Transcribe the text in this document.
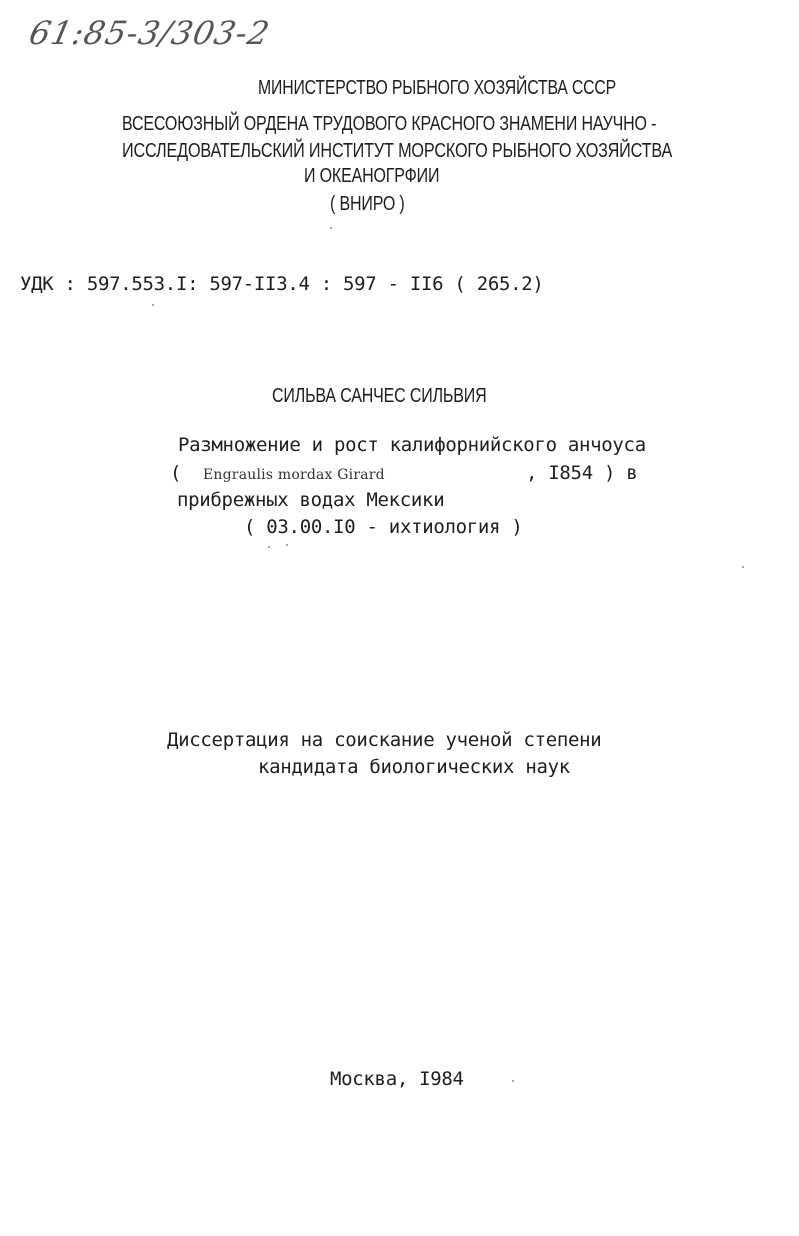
61:85-3/303-2
МИНИСТЕРСТВО РЫБНОГО ХОЗЯЙСТВА СССР
ВСЕСОЮЗНЫЙ ОРДЕНА ТРУДОВОГО КРАСНОГО ЗНАМЕНИ НАУЧНО -
ИССЛЕДОВАТЕЛЬСКИЙ ИНСТИТУТ МОРСКОГО РЫБНОГО ХОЗЯЙСТВА
И ОКЕАНОГРФИИ
( ВНИРО )
УДК : 597.553.I: 597-II3.4 : 597 - II6 ( 265.2)
СИЛЬВА САНЧЕС СИЛЬВИЯ
Размножение и рост калифорнийского анчоуса
( Engraulis mordax Girard	, I854 ) в
прибрежных водах Мексики
( 03.00.I0 - ихтиология )
Диссертация на соискание ученой степени
кандидата биологических наук
Москва, I984
